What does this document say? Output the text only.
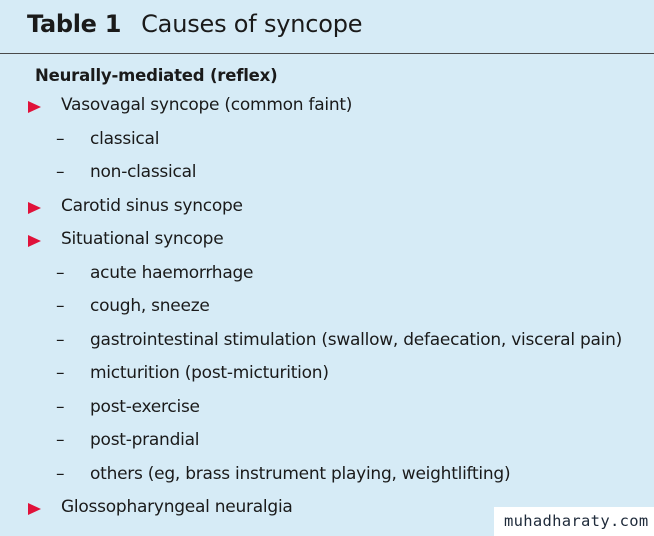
Table 1 Causes of syncope
Neurally-mediated (reflex)
Vasovagal syncope (common faint)
– classical
– non-classical
Carotid sinus syncope
Situational syncope
– acute haemorrhage
– cough, sneeze
– gastrointestinal stimulation (swallow, defaecation, visceral pain)
– micturition (post-micturition)
– post-exercise
– post-prandial
– others (eg, brass instrument playing, weightlifting)
Glossopharyngeal neuralgia
muhadharaty.com
